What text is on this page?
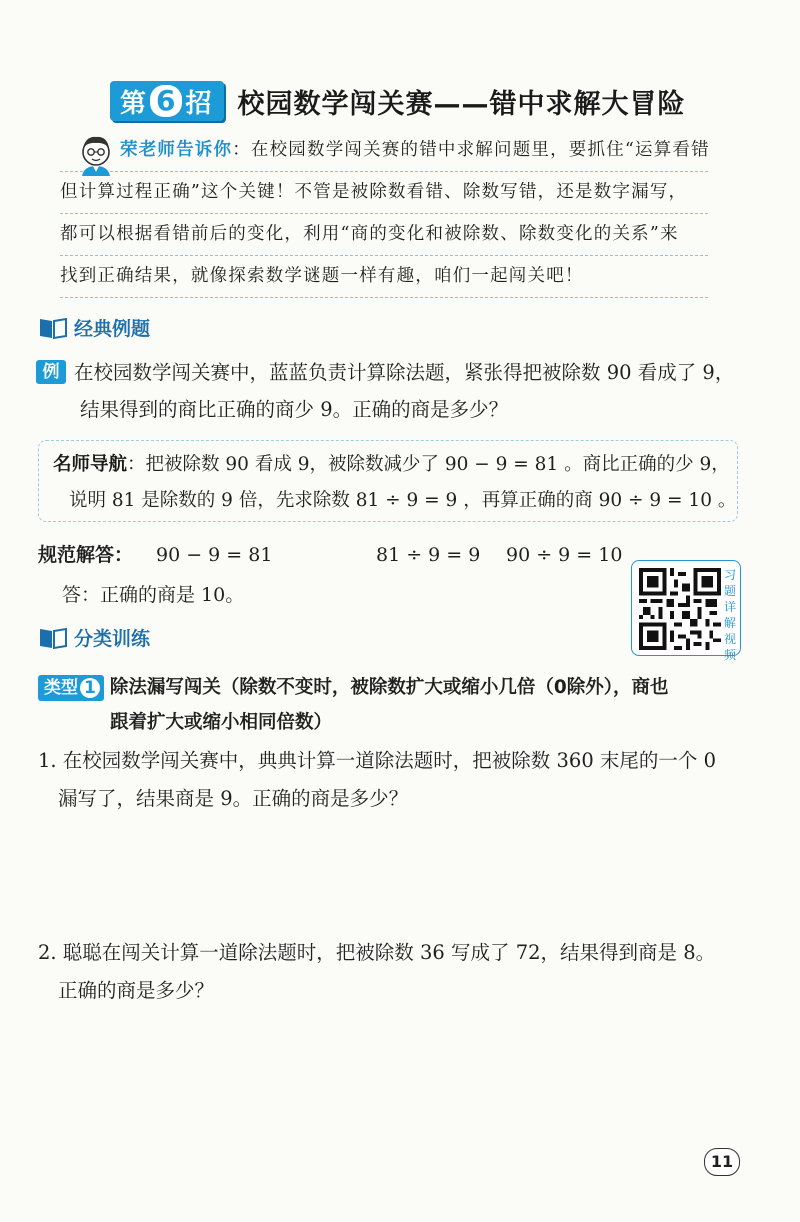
第 6 招 校园数学闯关赛——错中求解大冒险
荣老师告诉你：在校园数学闯关赛的错中求解问题里，要抓住“运算看错
但计算过程正确”这个关键！不管是被除数看错、除数写错，还是数字漏写，
都可以根据看错前后的变化，利用“商的变化和被除数、除数变化的关系”来
找到正确结果，就像探索数学谜题一样有趣，咱们一起闯关吧！
经典例题
例 在校园数学闯关赛中，蓝蓝负责计算除法题，紧张得把被除数 90 看成了 9，
结果得到的商比正确的商少 9。正确的商是多少？
名师导航：把被除数 90 看成 9，被除数减少了 90 − 9 = 81 。商比正确的少 9，
说明 81 是除数的 9 倍，先求除数 81 ÷ 9 = 9 ，再算正确的商 90 ÷ 9 = 10 。
规范解答：	90 − 9 = 81	81 ÷ 9 = 9	90 ÷ 9 = 10
答：正确的商是 10。
习
题
详
解
视
频
分类训练
类型 1 除法漏写闯关（除数不变时，被除数扩大或缩小几倍（0除外），商也
跟着扩大或缩小相同倍数）
1. 在校园数学闯关赛中，典典计算一道除法题时，把被除数 360 末尾的一个 0
漏写了，结果商是 9。正确的商是多少？
2. 聪聪在闯关计算一道除法题时，把被除数 36 写成了 72，结果得到商是 8。
正确的商是多少？
11
